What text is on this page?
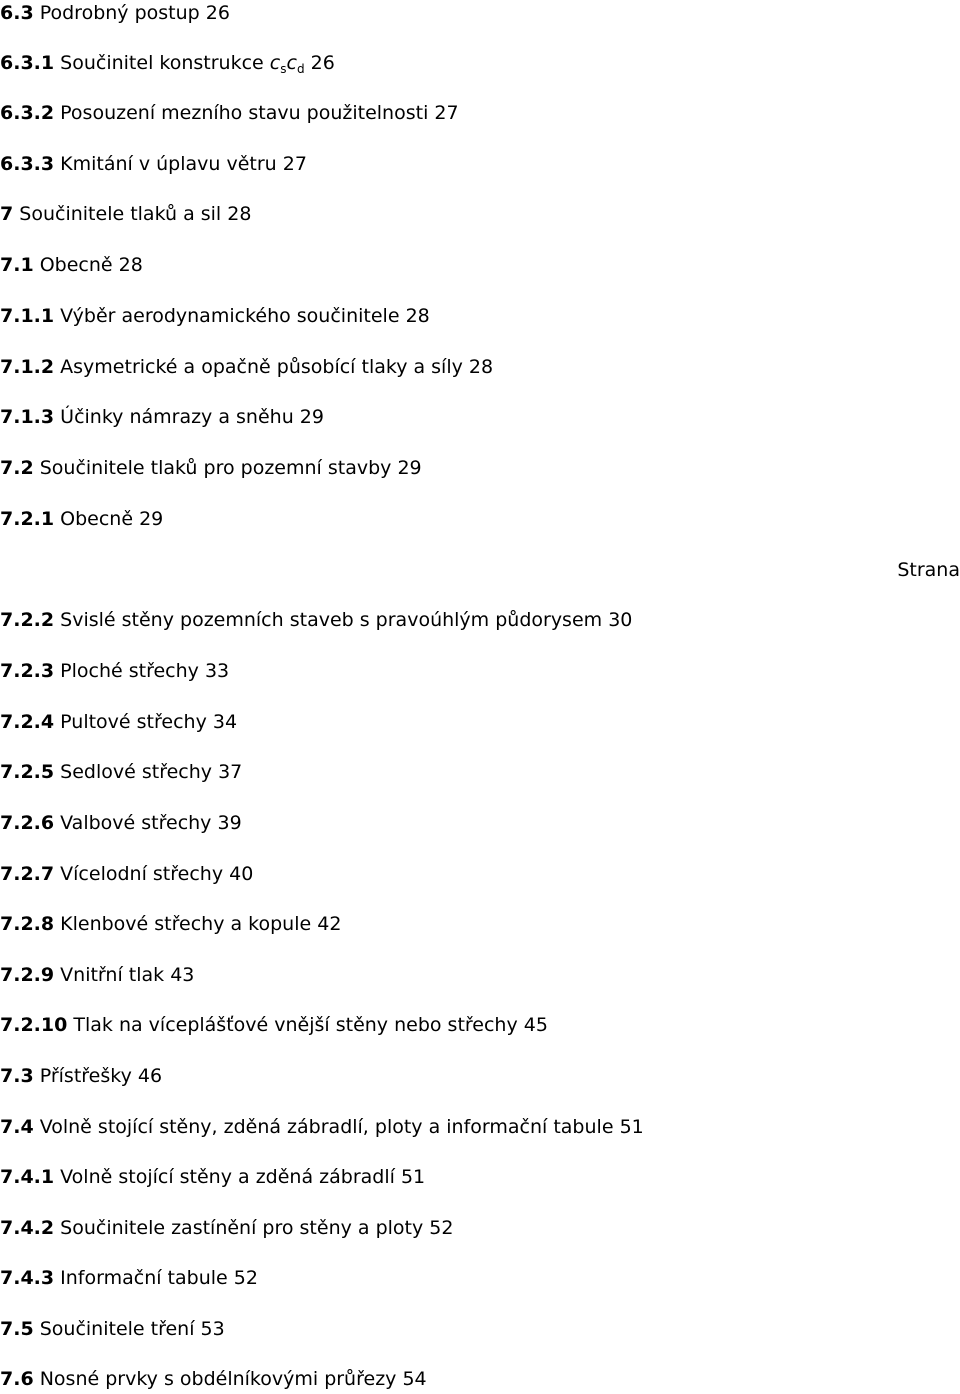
6.3 Podrobný postup 26
6.3.1 Součinitel konstrukce $c_sc_d$ 26
6.3.2 Posouzení mezního stavu použitelnosti 27
6.3.3 Kmitání v úplavu větru 27
7 Součinitele tlaků a sil 28
7.1 Obecně 28
7.1.1 Výběr aerodynamického součinitele 28
7.1.2 Asymetrické a opačně působící tlaky a síly 28
7.1.3 Účinky námrazy a sněhu 29
7.2 Součinitele tlaků pro pozemní stavby 29
7.2.1 Obecně 29
7.2.2 Svislé stěny pozemních staveb s pravoúhlým půdorysem 30
7.2.3 Ploché střechy 33
7.2.4 Pultové střechy 34
7.2.5 Sedlové střechy 37
7.2.6 Valbové střechy 39
7.2.7 Vícelodní střechy 40
7.2.8 Klenbové střechy a kopule 42
7.2.9 Vnitřní tlak 43
7.2.10 Tlak na víceplášťové vnější stěny nebo střechy 45
7.3 Přístřešky 46
7.4 Volně stojící stěny, zděná zábradlí, ploty a informační tabule 51
7.4.1 Volně stojící stěny a zděná zábradlí 51
7.4.2 Součinitele zastínění pro stěny a ploty 52
7.4.3 Informační tabule 52
7.5 Součinitele tření 53
7.6 Nosné prvky s obdélníkovými průřezy 54
Strana
